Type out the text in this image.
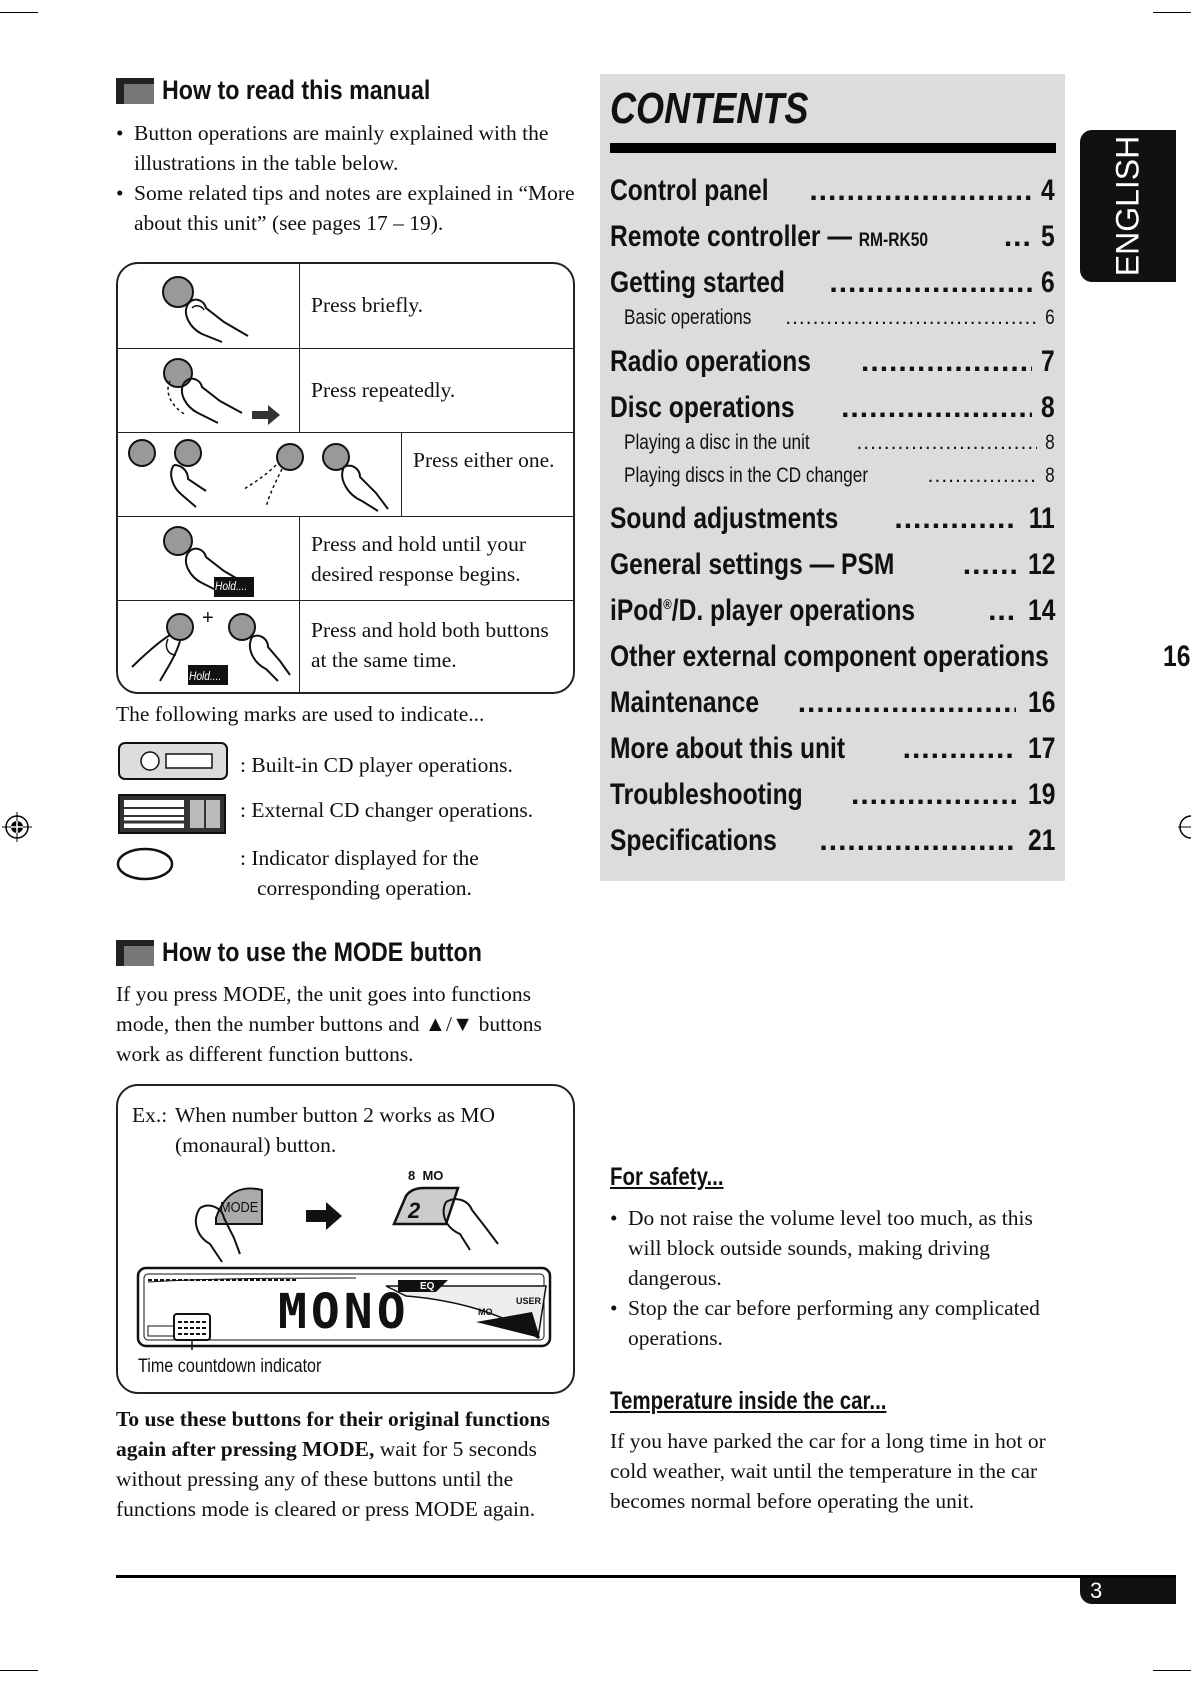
How to read this manual
• Button operations are mainly explained with the illustrations in the table below.
• Some related tips and notes are explained in “More about this unit” (see pages 17 – 19).
Press briefly.
Press repeatedly.
Press either one.
Hold....
Press and hold until your desired response begins.
+
Hold....
Press and hold both buttons at the same time.
The following marks are used to indicate...
: Built-in CD player operations.
: External CD changer operations.
: Indicator displayed for the corresponding operation.
How to use the MODE button
If you press MODE, the unit goes into functions mode, then the number buttons and ▲/▼ buttons work as different function buttons.
Ex.: When number button 2 works as MO (monaural) button.
MODE
8  MO
2
MONO EQ
USER
MO
Time countdown indicator
To use these buttons for their original functions again after pressing MODE, wait for 5 seconds without pressing any of these buttons until the functions mode is cleared or press MODE again.
CONTENTS
Control panel .....	4
Remote controller — RM-RK50 .....	5
Getting started .....	6
Basic operations .....	6
Radio operations .....	7
Disc operations .....	8
Playing a disc in the unit .....	8
Playing discs in the CD changer .....	8
Sound adjustments .....	11
General settings — PSM .....	12
iPod®/D. player operations .....	14
Other external component operations	16
Maintenance .....	16
More about this unit .....	17
Troubleshooting .....	19
Specifications .....	21
ENGLISH
For safety...
• Do not raise the volume level too much, as this will block outside sounds, making driving dangerous.
• Stop the car before performing any complicated operations.
Temperature inside the car...
If you have parked the car for a long time in hot or cold weather, wait until the temperature in the car becomes normal before operating the unit.
3
